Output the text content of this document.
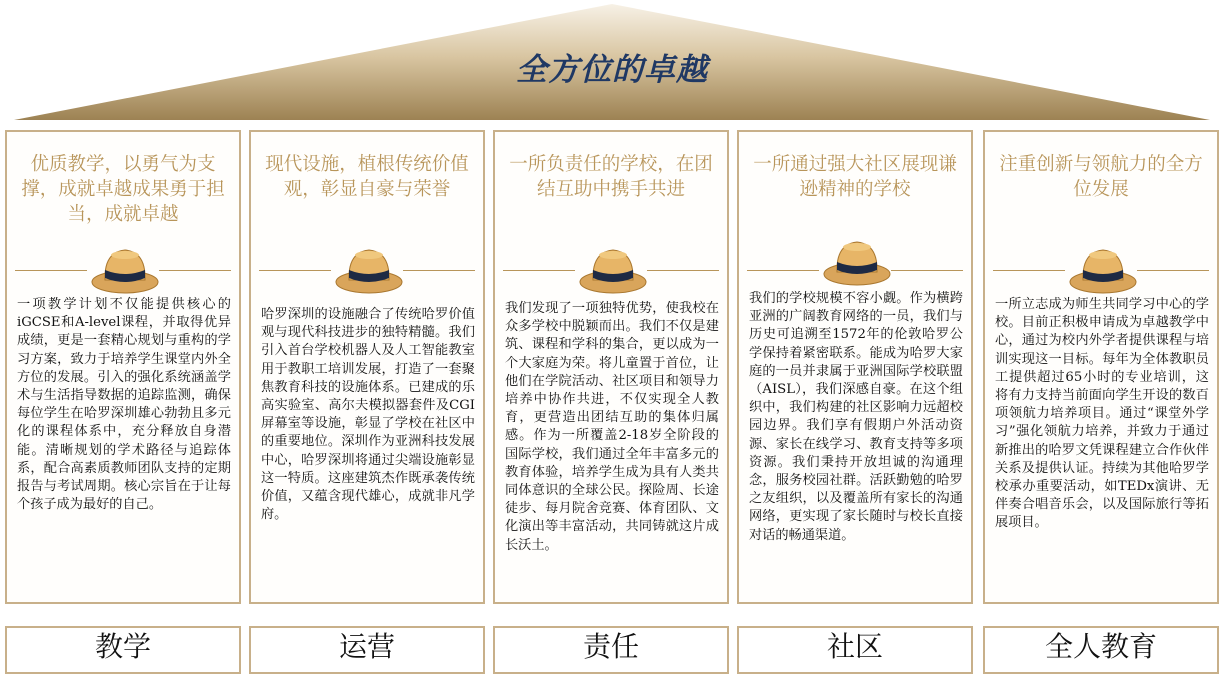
全方位的卓越
优质教学，以勇气为支撑，成就卓越成果勇于担当，成就卓越
一项教学计划不仅能提供核心的iGCSE和A-level课程，并取得优异成绩，更是一套精心规划与重构的学习方案，致力于培养学生课堂内外全方位的发展。引入的强化系统涵盖学术与生活指导数据的追踪监测，确保每位学生在哈罗深圳雄心勃勃且多元化的课程体系中，充分释放自身潜能。清晰规划的学术路径与追踪体系，配合高素质教师团队支持的定期报告与考试周期。核心宗旨在于让每个孩子成为最好的自己。
现代设施，植根传统价值观，彰显自豪与荣誉
哈罗深圳的设施融合了传统哈罗价值观与现代科技进步的独特精髓。我们引入首台学校机器人及人工智能教室用于教职工培训发展，打造了一套聚焦教育科技的设施体系。已建成的乐高实验室、高尔夫模拟器套件及CGI屏幕室等设施，彰显了学校在社区中的重要地位。深圳作为亚洲科技发展中心，哈罗深圳将通过尖端设施彰显这一特质。这座建筑杰作既承袭传统价值，又蕴含现代雄心，成就非凡学府。
一所负责任的学校，在团结互助中携手共进
我们发现了一项独特优势，使我校在众多学校中脱颖而出。我们不仅是建筑、课程和学科的集合，更以成为一个大家庭为荣。将儿童置于首位，让他们在学院活动、社区项目和领导力培养中协作共进，不仅实现全人教育，更营造出团结互助的集体归属感。作为一所覆盖2-18岁全阶段的国际学校，我们通过全年丰富多元的教育体验，培养学生成为具有人类共同体意识的全球公民。探险周、长途徒步、每月院舍竞赛、体育团队、文化演出等丰富活动，共同铸就这片成长沃土。
一所通过强大社区展现谦逊精神的学校
我们的学校规模不容小觑。作为横跨亚洲的广阔教育网络的一员，我们与历史可追溯至1572年的伦敦哈罗公学保持着紧密联系。能成为哈罗大家庭的一员并隶属于亚洲国际学校联盟（AISL），我们深感自豪。在这个组织中，我们构建的社区影响力远超校园边界。我们享有假期户外活动资源、家长在线学习、教育支持等多项资源。我们秉持开放坦诚的沟通理念，服务校园社群。活跃勤勉的哈罗之友组织，以及覆盖所有家长的沟通网络，更实现了家长随时与校长直接对话的畅通渠道。
注重创新与领航力的全方位发展
一所立志成为师生共同学习中心的学校。目前正积极申请成为卓越教学中心，通过为校内外学者提供课程与培训实现这一目标。每年为全体教职员工提供超过65小时的专业培训，这将有力支持当前面向学生开设的数百项领航力培养项目。通过“课堂外学习”强化领航力培养，并致力于通过新推出的哈罗文凭课程建立合作伙伴关系及提供认证。持续为其他哈罗学校承办重要活动，如TEDx演讲、无伴奏合唱音乐会，以及国际旅行等拓展项目。
教学	运营	责任	社区	全人教育
